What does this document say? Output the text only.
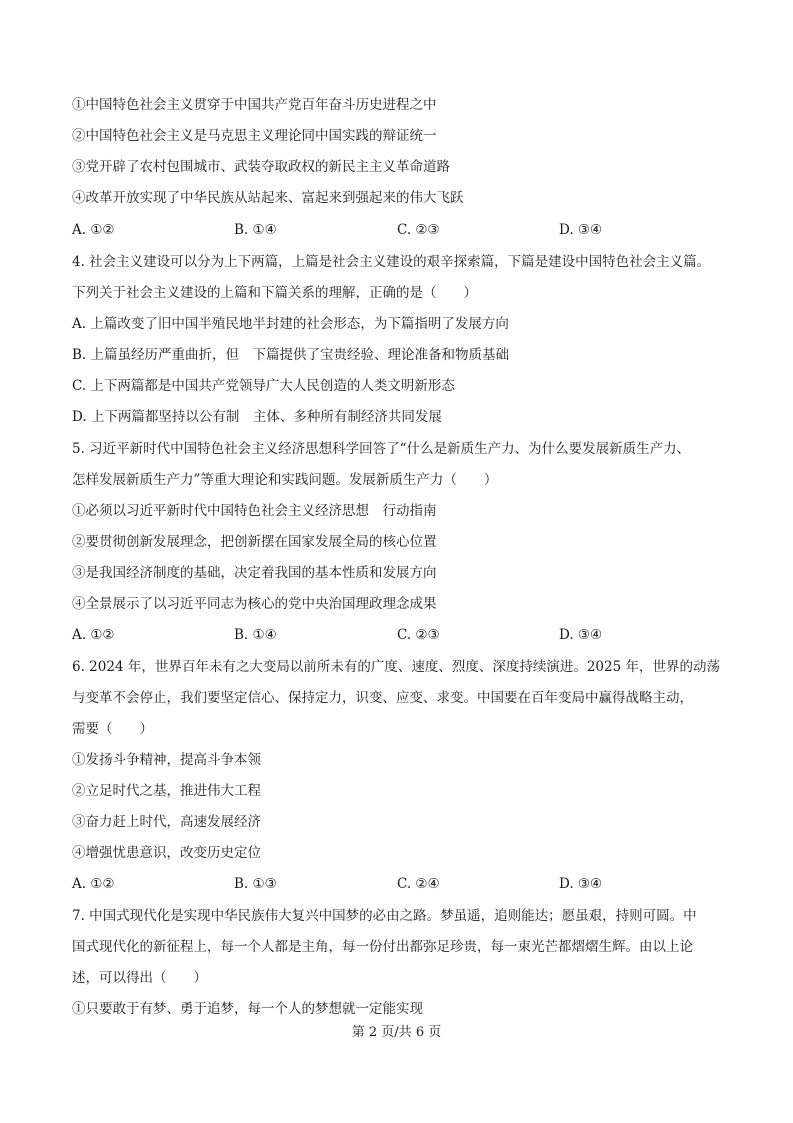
①中国特色社会主义贯穿于中国共产党百年奋斗历史进程之中
②中国特色社会主义是马克思主义理论同中国实践的辩证统一
③党开辟了农村包围城市、武装夺取政权的新民主主义革命道路
④改革开放实现了中华民族从站起来、富起来到强起来的伟大飞跃
A. ①②	B. ①④	C. ②③	D. ③④
4. 社会主义建设可以分为上下两篇，上篇是社会主义建设的艰辛探索篇，下篇是建设中国特色社会主义篇。
下列关于社会主义建设的上篇和下篇关系的理解，正确的是（　　）
A. 上篇改变了旧中国半殖民地半封建的社会形态，为下篇指明了发展方向
B. 上篇虽经历严重曲折，但　下篇提供了宝贵经验、理论准备和物质基础
C. 上下两篇都是中国共产党领导广大人民创造的人类文明新形态
D. 上下两篇都坚持以公有制　主体、多种所有制经济共同发展
5. 习近平新时代中国特色社会主义经济思想科学回答了“什么是新质生产力、为什么要发展新质生产力、
怎样发展新质生产力”等重大理论和实践问题。发展新质生产力（　　）
①必须以习近平新时代中国特色社会主义经济思想　行动指南
②要贯彻创新发展理念，把创新摆在国家发展全局的核心位置
③是我国经济制度的基础，决定着我国的基本性质和发展方向
④全景展示了以习近平同志为核心的党中央治国理政理念成果
A. ①②	B. ①④	C. ②③	D. ③④
6. 2024 年，世界百年未有之大变局以前所未有的广度、速度、烈度、深度持续演进。2025 年，世界的动荡
与变革不会停止，我们要坚定信心、保持定力，识变、应变、求变。中国要在百年变局中赢得战略主动，
需要（　　）
①发扬斗争精神，提高斗争本领
②立足时代之基，推进伟大工程
③奋力赶上时代，高速发展经济
④增强忧患意识，改变历史定位
A. ①②	B. ①③	C. ②④	D. ③④
7. 中国式现代化是实现中华民族伟大复兴中国梦的必由之路。梦虽遥，追则能达；愿虽艰，持则可圆。中
国式现代化的新征程上，每一个人都是主角，每一份付出都弥足珍贵，每一束光芒都熠熠生辉。由以上论
述，可以得出（　　）
①只要敢于有梦、勇于追梦，每一个人的梦想就一定能实现
第 2 页/共 6 页
